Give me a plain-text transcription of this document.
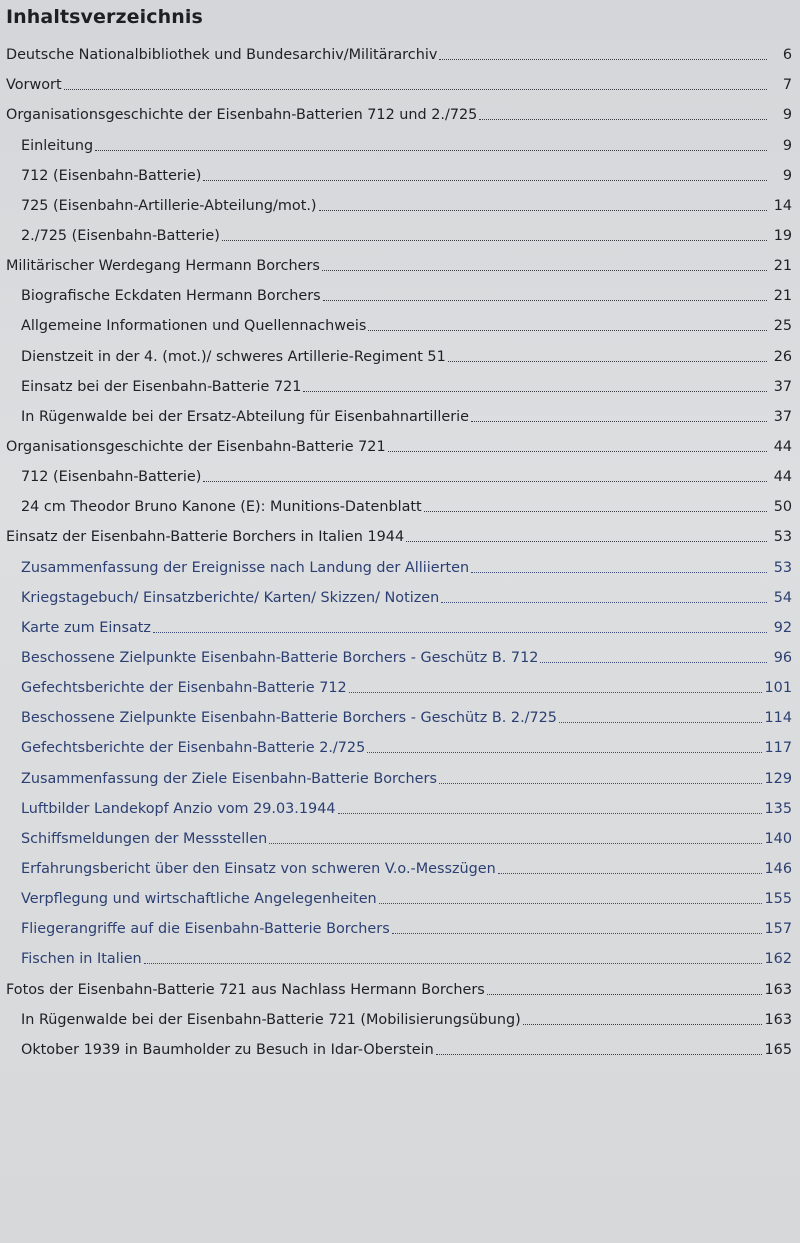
Inhaltsverzeichnis
Deutsche Nationalbibliothek und Bundesarchiv/Militärarchiv	6
Vorwort	7
Organisationsgeschichte der Eisenbahn-Batterien 712 und 2./725	9
Einleitung	9
712 (Eisenbahn-Batterie)	9
725 (Eisenbahn-Artillerie-Abteilung/mot.)	14
2./725 (Eisenbahn-Batterie)	19
Militärischer Werdegang Hermann Borchers	21
Biografische Eckdaten Hermann Borchers	21
Allgemeine Informationen und Quellennachweis	25
Dienstzeit in der 4. (mot.)/ schweres Artillerie-Regiment 51	26
Einsatz bei der Eisenbahn-Batterie 721	37
In Rügenwalde bei der Ersatz-Abteilung für Eisenbahnartillerie	37
Organisationsgeschichte der Eisenbahn-Batterie 721	44
712 (Eisenbahn-Batterie)	44
24 cm Theodor Bruno Kanone (E): Munitions-Datenblatt	50
Einsatz der Eisenbahn-Batterie Borchers in Italien 1944	53
Zusammenfassung der Ereignisse nach Landung der Alliierten	53
Kriegstagebuch/ Einsatzberichte/ Karten/ Skizzen/ Notizen	54
Karte zum Einsatz	92
Beschossene Zielpunkte Eisenbahn-Batterie Borchers - Geschütz B. 712	96
Gefechtsberichte der Eisenbahn-Batterie 712	101
Beschossene Zielpunkte Eisenbahn-Batterie Borchers - Geschütz B. 2./725	114
Gefechtsberichte der Eisenbahn-Batterie 2./725	117
Zusammenfassung der Ziele Eisenbahn-Batterie Borchers	129
Luftbilder Landekopf Anzio vom 29.03.1944	135
Schiffsmeldungen der Messstellen	140
Erfahrungsbericht über den Einsatz von schweren V.o.-Messzügen	146
Verpflegung und wirtschaftliche Angelegenheiten	155
Fliegerangriffe auf die Eisenbahn-Batterie Borchers	157
Fischen in Italien	162
Fotos der Eisenbahn-Batterie 721 aus Nachlass Hermann Borchers	163
In Rügenwalde bei der Eisenbahn-Batterie 721 (Mobilisierungsübung)	163
Oktober 1939 in Baumholder zu Besuch in Idar-Oberstein	165
